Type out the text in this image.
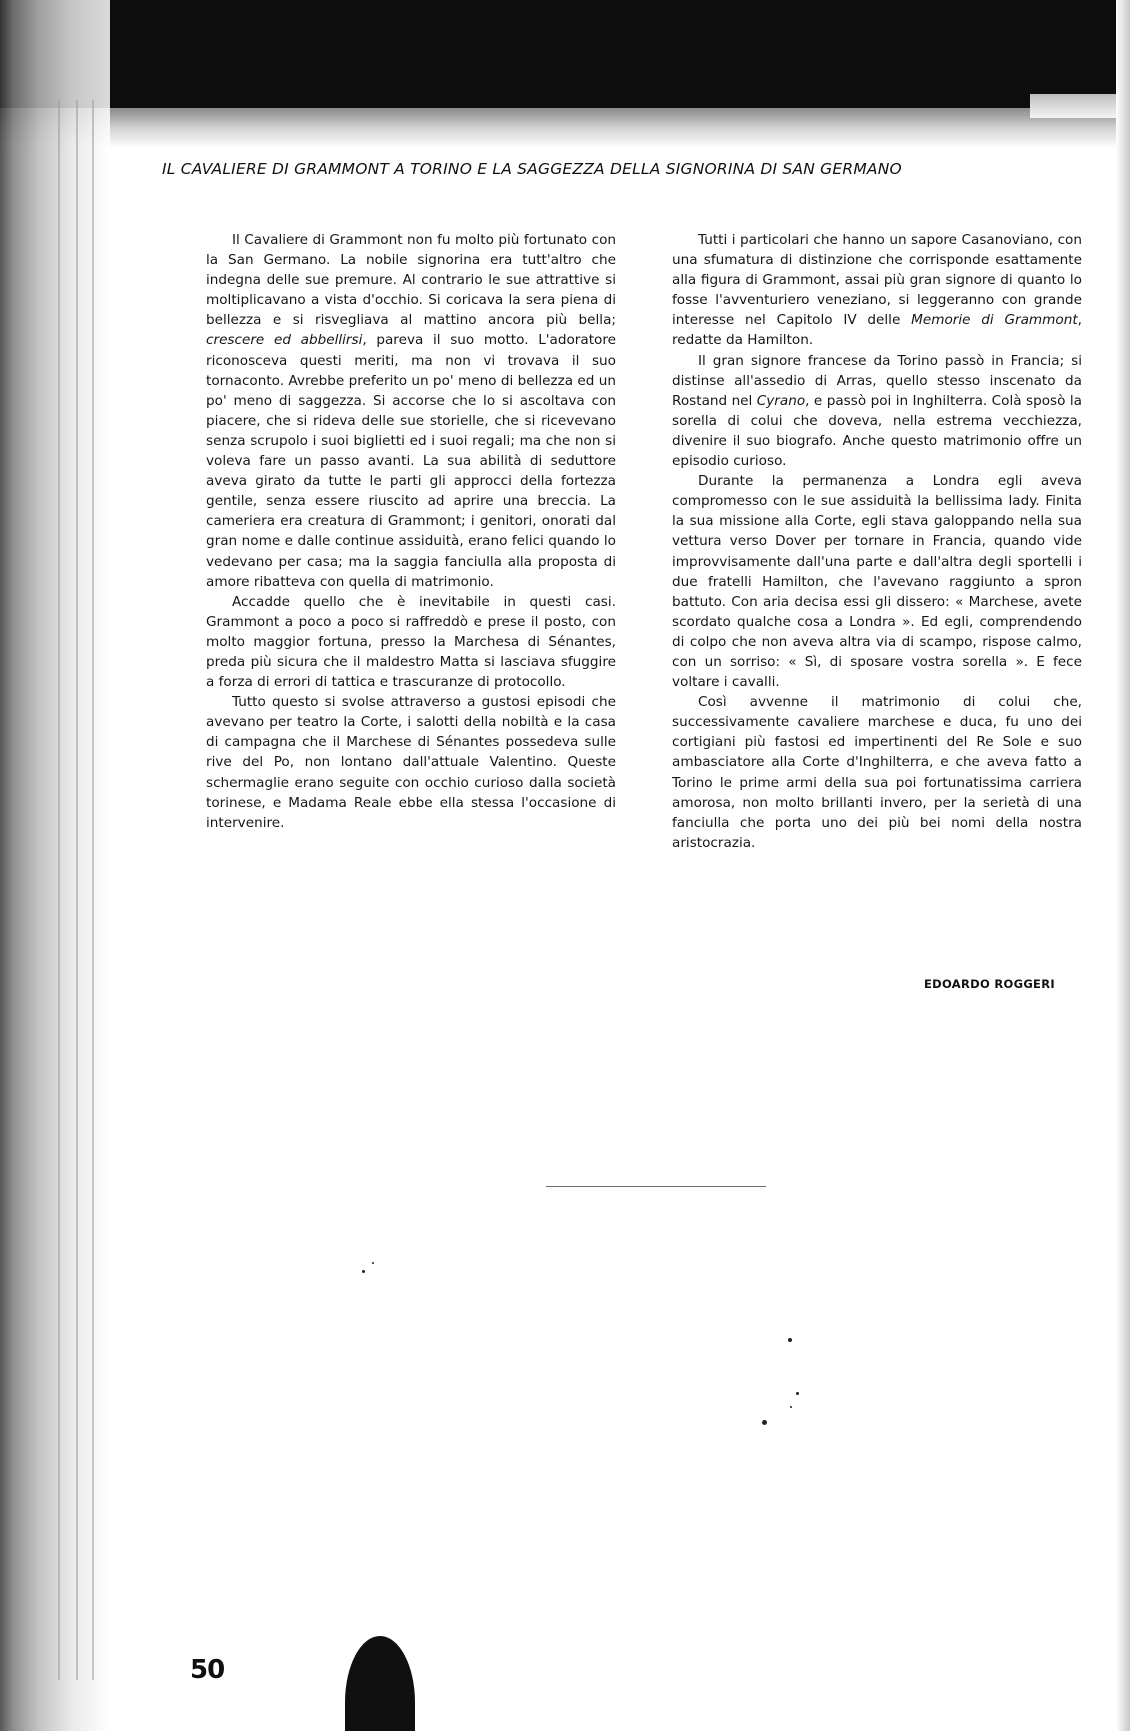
IL CAVALIERE DI GRAMMONT A TORINO E LA SAGGEZZA DELLA SIGNORINA DI SAN GERMANO

Il Cavaliere di Grammont non fu molto più fortunato con la San Germano. La nobile signorina era tutt'altro che indegna delle sue premure. Al contrario le sue attrattive si moltiplicavano a vista d'occhio. Si coricava la sera piena di bellezza e si risvegliava al mattino ancora più bella; crescere ed abbellirsi, pareva il suo motto. L'adoratore riconosceva questi meriti, ma non vi trovava il suo tornaconto. Avrebbe preferito un po' meno di bellezza ed un po' meno di saggezza. Si accorse che lo si ascoltava con piacere, che si rideva delle sue storielle, che si ricevevano senza scrupolo i suoi biglietti ed i suoi regali; ma che non si voleva fare un passo avanti. La sua abilità di seduttore aveva girato da tutte le parti gli approcci della fortezza gentile, senza essere riuscito ad aprire una breccia. La cameriera era creatura di Grammont; i genitori, onorati dal gran nome e dalle continue assiduità, erano felici quando lo vedevano per casa; ma la saggia fanciulla alla proposta di amore ribatteva con quella di matrimonio.

Accadde quello che è inevitabile in questi casi. Grammont a poco a poco si raffreddò e prese il posto, con molto maggior fortuna, presso la Marchesa di Sénantes, preda più sicura che il maldestro Matta si lasciava sfuggire a forza di errori di tattica e trascuranze di protocollo.

Tutto questo si svolse attraverso a gustosi episodi che avevano per teatro la Corte, i salotti della nobiltà e la casa di campagna che il Marchese di Sénantes possedeva sulle rive del Po, non lontano dall'attuale Valentino. Queste schermaglie erano seguite con occhio curioso dalla società torinese, e Madama Reale ebbe ella stessa l'occasione di intervenire.

Tutti i particolari che hanno un sapore Casanoviano, con una sfumatura di distinzione che corrisponde esattamente alla figura di Grammont, assai più gran signore di quanto lo fosse l'avventuriero veneziano, si leggeranno con grande interesse nel Capitolo IV delle Memorie di Grammont, redatte da Hamilton.

Il gran signore francese da Torino passò in Francia; si distinse all'assedio di Arras, quello stesso inscenato da Rostand nel Cyrano, e passò poi in Inghilterra. Colà sposò la sorella di colui che doveva, nella estrema vecchiezza, divenire il suo biografo. Anche questo matrimonio offre un episodio curioso.

Durante la permanenza a Londra egli aveva compromesso con le sue assiduità la bellissima lady. Finita la sua missione alla Corte, egli stava galoppando nella sua vettura verso Dover per tornare in Francia, quando vide improvvisamente dall'una parte e dall'altra degli sportelli i due fratelli Hamilton, che l'avevano raggiunto a spron battuto. Con aria decisa essi gli dissero: « Marchese, avete scordato qualche cosa a Londra ». Ed egli, comprendendo di colpo che non aveva altra via di scampo, rispose calmo, con un sorriso: « Sì, di sposare vostra sorella ». E fece voltare i cavalli.

Così avvenne il matrimonio di colui che, successivamente cavaliere marchese e duca, fu uno dei cortigiani più fastosi ed impertinenti del Re Sole e suo ambasciatore alla Corte d'Inghilterra, e che aveva fatto a Torino le prime armi della sua poi fortunatissima carriera amorosa, non molto brillanti invero, per la serietà di una fanciulla che porta uno dei più bei nomi della nostra aristocrazia.

EDOARDO ROGGERI
50
